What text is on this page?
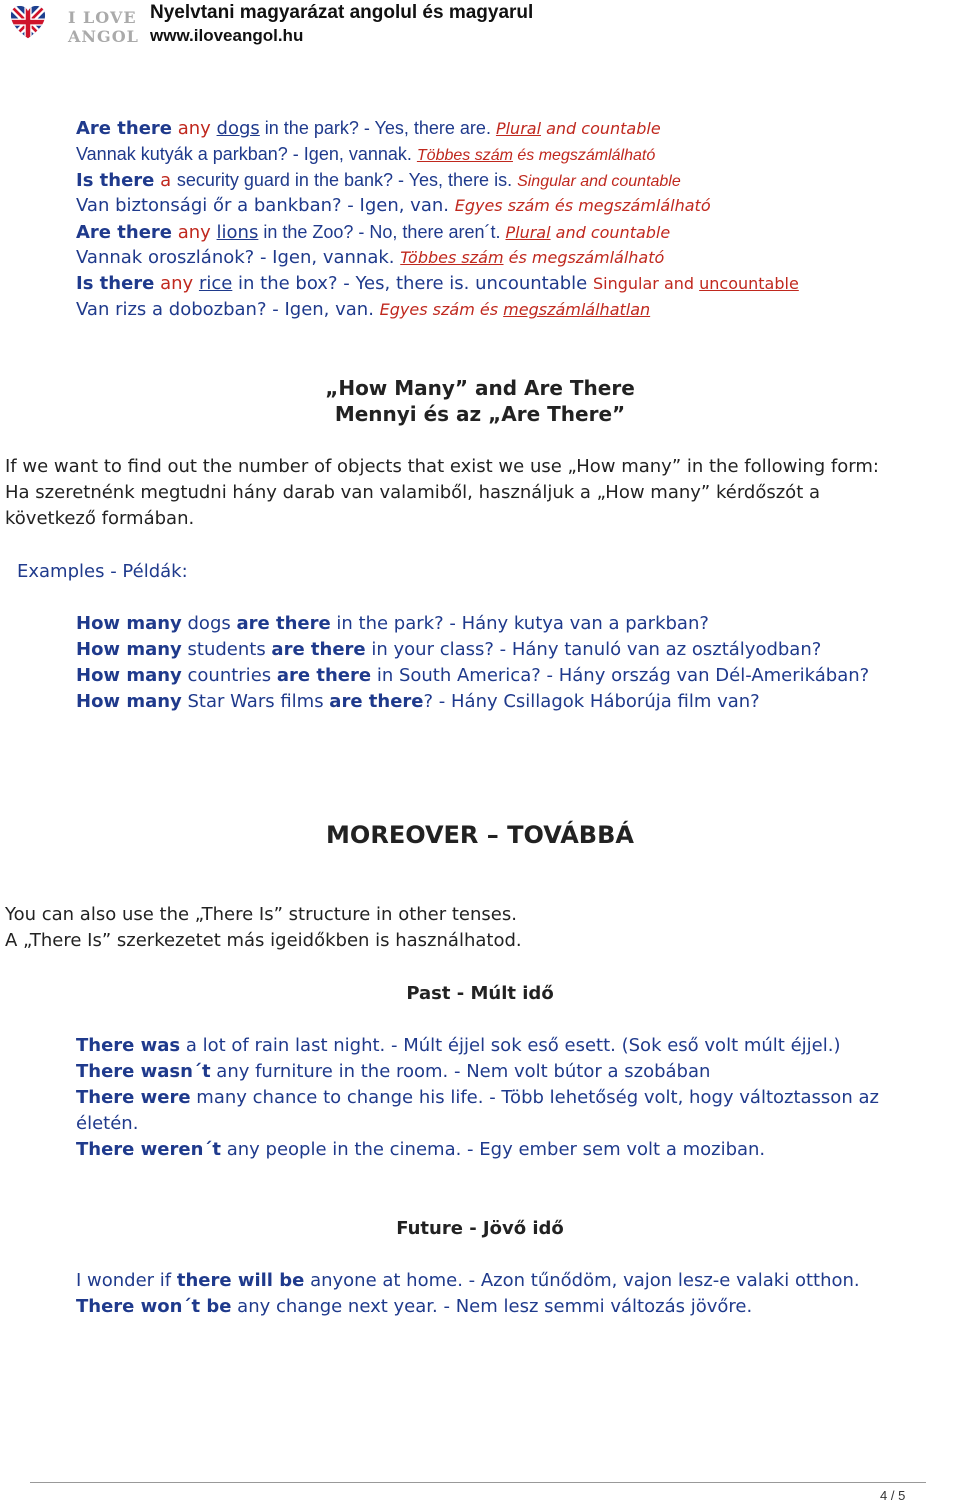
I LOVE
ANGOL
Nyelvtani magyarázat angolul és magyarul
www.iloveangol.hu
Are there any dogs in the park? - Yes, there are. Plural and countable
Vannak kutyák a parkban? - Igen, vannak. Többes szám és megszámlálható
Is there a security guard in the bank? - Yes, there is. Singular and countable
Van biztonsági őr a bankban? - Igen, van. Egyes szám és megszámlálható
Are there any lions in the Zoo? - No, there aren´t. Plural and countable
Vannak oroszlánok? - Igen, vannak. Többes szám és megszámlálható
Is there any rice in the box? - Yes, there is. uncountable Singular and uncountable
Van rizs a dobozban? - Igen, van. Egyes szám és megszámlálhatlan
„How Many” and Are There
Mennyi és az „Are There”
If we want to find out the number of objects that exist we use „How many” in the following form:
Ha szeretnénk megtudni hány darab van valamiből, használjuk a „How many” kérdőszót a
következő formában.
Examples - Példák:
How many dogs are there in the park? - Hány kutya van a parkban?
How many students are there in your class? - Hány tanuló van az osztályodban?
How many countries are there in South America? - Hány ország van Dél-Amerikában?
How many Star Wars films are there? - Hány Csillagok Háborúja film van?
MOREOVER – TOVÁBBÁ
You can also use the „There Is” structure in other tenses.
A „There Is” szerkezetet más igeidőkben is használhatod.
Past - Múlt idő
There was a lot of rain last night. - Múlt éjjel sok eső esett. (Sok eső volt múlt éjjel.)
There wasn´t any furniture in the room. - Nem volt bútor a szobában
There were many chance to change his life. - Több lehetőség volt, hogy változtasson az
életén.
There weren´t any people in the cinema. - Egy ember sem volt a moziban.
Future - Jövő idő
I wonder if there will be anyone at home. - Azon tűnődöm, vajon lesz-e valaki otthon.
There won´t be any change next year. - Nem lesz semmi változás jövőre.
4 / 5
